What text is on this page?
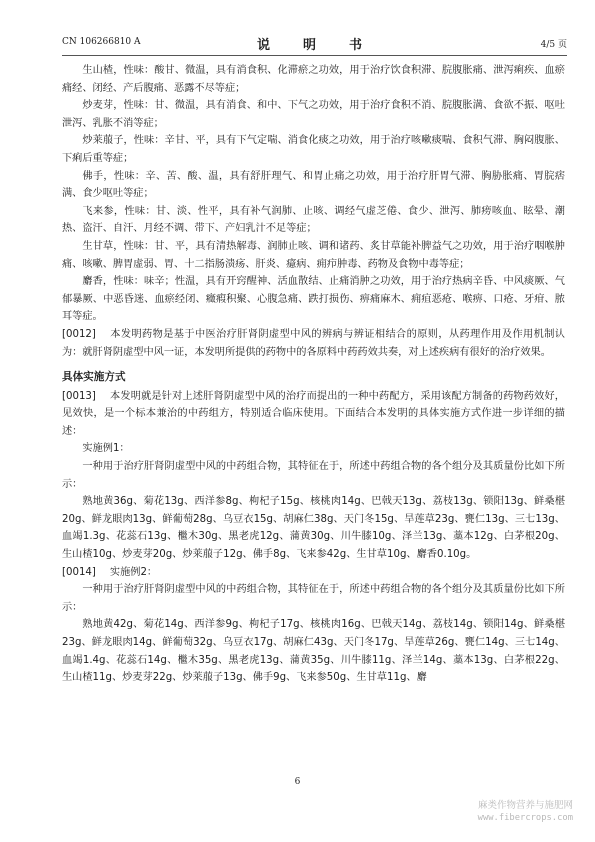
CN 106266810 A	说　明　书	4/5 页

生山楂，性味：酸甘、微温，具有消食积、化滞瘀之功效，用于治疗饮食积滞、脘腹胀痛、泄泻痢疾、血瘀痛经、闭经、产后腹痛、恶露不尽等症；

炒麦芽，性味：甘、微温，具有消食、和中、下气之功效，用于治疗食积不消、脘腹胀满、食欲不振、呕吐泄泻、乳胀不消等症；

炒莱菔子，性味：辛甘、平，具有下气定喘、消食化痰之功效，用于治疗咳嗽痰喘、食积气滞、胸闷腹胀、下痢后重等症；

佛手，性味：辛、苦、酸、温，具有舒肝理气、和胃止痛之功效，用于治疗肝胃气滞、胸胁胀痛、胃脘痞满、食少呕吐等症；

飞来参，性味：甘、淡、性平，具有补气润肺、止咳、调经气虚芝倦、食少、泄泻、肺痨咳血、眩晕、潮热、盗汗、自汗、月经不调、带下、产妇乳汁不足等症；

生甘草，性味：甘、平，具有清热解毒、润肺止咳、调和诸药、炙甘草能补脾益气之功效，用于治疗咽喉肿痛、咳嗽、脾胃虚弱、胃、十二指肠溃疡、肝炎、癔病、痈疖肿毒、药物及食物中毒等症；

麝香，性味：味辛；性温，具有开窍醒神、活血散结、止痛消肿之功效，用于治疗热病辛昏、中风痰厥、气郁暴厥、中恶昏迷、血瘀经闭、癥瘕积聚、心腹急痛、跌打损伤、痹痛麻木、痈疽恶疮、喉痹、口疮、牙疳、脓耳等症。

[0012] 本发明药物是基于中医治疗肝肾阴虚型中风的辨病与辨证相结合的原则，从药理作用及作用机制认为：就肝肾阴虚型中风一证，本发明所提供的药物中的各原料中药药效共奏，对上述疾病有很好的治疗效果。

具体实施方式

[0013] 本发明就是针对上述肝肾阴虚型中风的治疗而提出的一种中药配方，采用该配方制备的药物药效好，见效快，是一个标本兼治的中药组方，特别适合临床使用。下面结合本发明的具体实施方式作进一步详细的描述：

实施例1：

一种用于治疗肝肾阴虚型中风的中药组合物，其特征在于，所述中药组合物的各个组分及其质量份比如下所示：

熟地黄36g、菊花13g、西洋参8g、枸杞子15g、核桃肉14g、巴戟天13g、荔枝13g、锁阳13g、鲜桑椹20g、鲜龙眼肉13g、鲜葡萄28g、乌豆衣15g、胡麻仁38g、天门冬15g、旱莲草23g、甕仁13g、三七13g、血竭1.3g、花蕊石13g、檵木30g、黑老虎12g、蒲黄30g、川牛膝10g、泽兰13g、藁本12g、白茅根20g、生山楂10g、炒麦芽20g、炒莱菔子12g、佛手8g、飞来参42g、生甘草10g、麝香0.10g。

[0014] 实施例2：

一种用于治疗肝肾阴虚型中风的中药组合物，其特征在于，所述中药组合物的各个组分及其质量份比如下所示：

熟地黄42g、菊花14g、西洋参9g、枸杞子17g、核桃肉16g、巴戟天14g、荔枝14g、锁阳14g、鲜桑椹23g、鲜龙眼肉14g、鲜葡萄32g、乌豆衣17g、胡麻仁43g、天门冬17g、旱莲草26g、甕仁14g、三七14g、血竭1.4g、花蕊石14g、檵木35g、黑老虎13g、蒲黄35g、川牛膝11g、泽兰14g、藁本13g、白茅根22g、生山楂11g、炒麦芽22g、炒莱菔子13g、佛手9g、飞来参50g、生甘草11g、麝

6
麻类作物营养与施肥网
www.fibercrops.com
